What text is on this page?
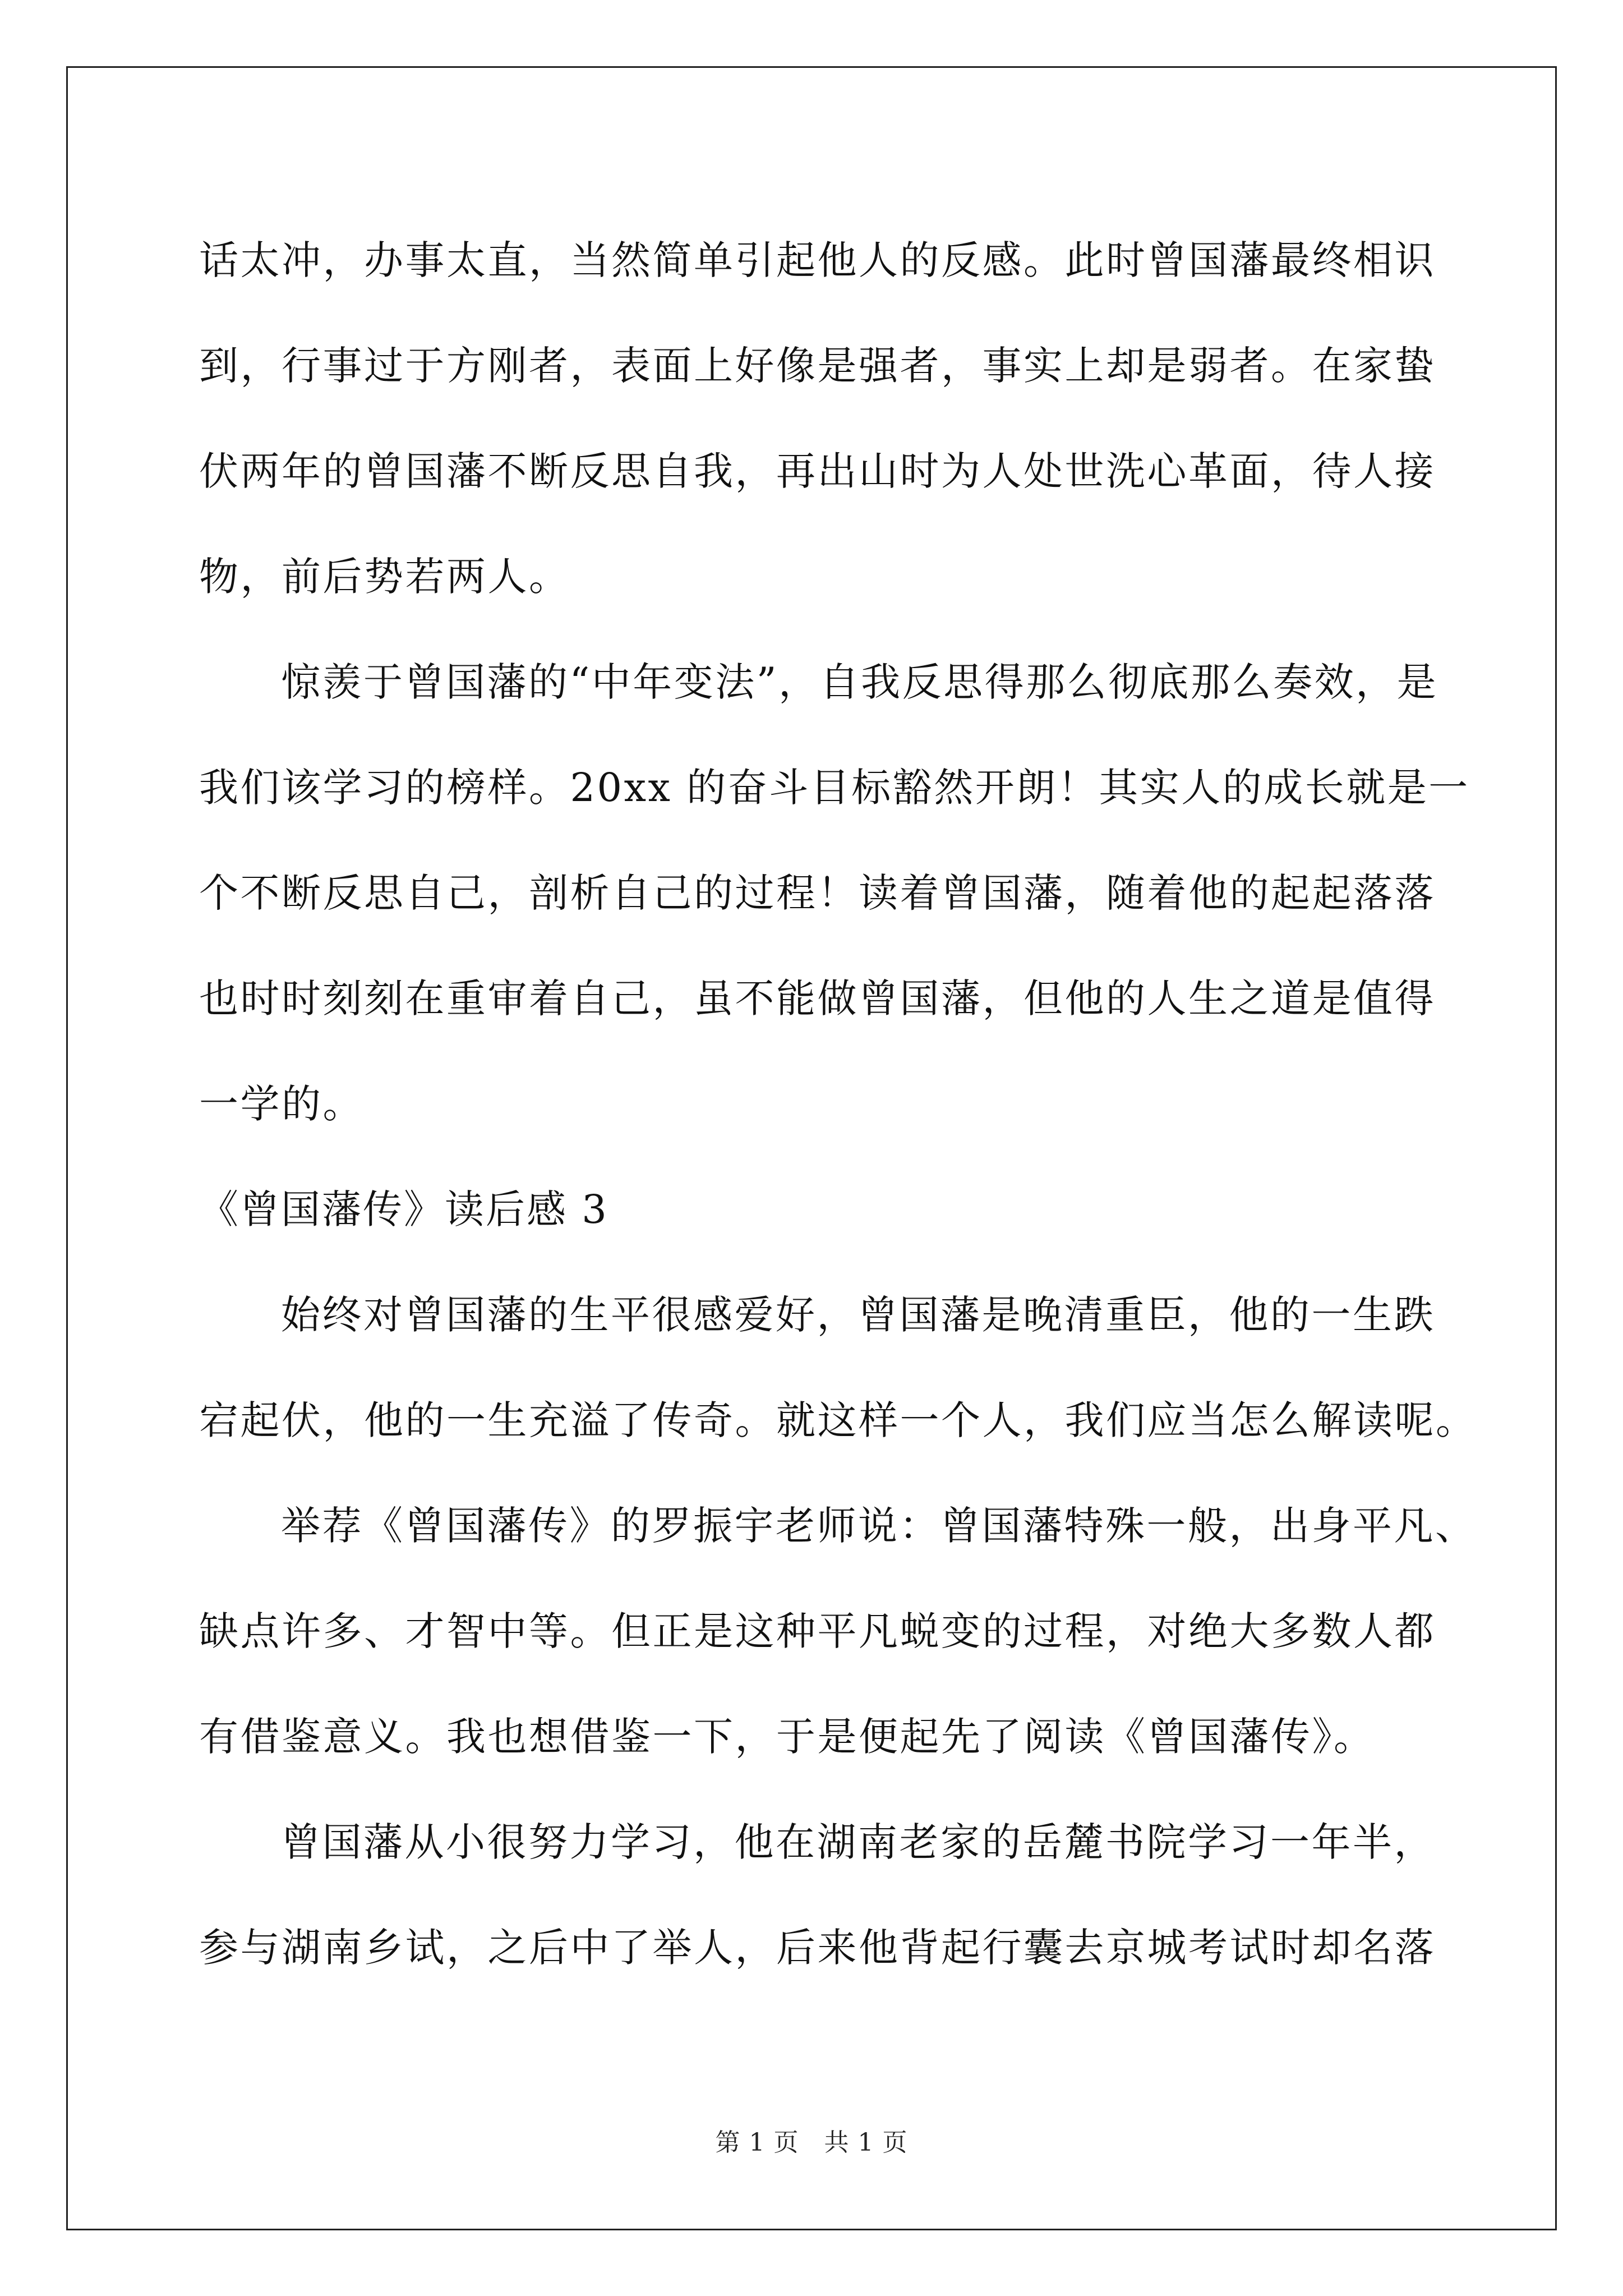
话太冲，办事太直，当然简单引起他人的反感。此时曾国藩最终相识
到，行事过于方刚者，表面上好像是强者，事实上却是弱者。在家蛰
伏两年的曾国藩不断反思自我，再出山时为人处世洗心革面，待人接
物，前后势若两人。
惊羡于曾国藩的“中年变法”，自我反思得那么彻底那么奏效，是
我们该学习的榜样。20xx 的奋斗目标豁然开朗！其实人的成长就是一
个不断反思自己，剖析自己的过程！读着曾国藩，随着他的起起落落
也时时刻刻在重审着自己，虽不能做曾国藩，但他的人生之道是值得
一学的。
《曾国藩传》读后感 3
始终对曾国藩的生平很感爱好，曾国藩是晚清重臣，他的一生跌
宕起伏，他的一生充溢了传奇。就这样一个人，我们应当怎么解读呢。
举荐《曾国藩传》的罗振宇老师说：曾国藩特殊一般，出身平凡、
缺点许多、才智中等。但正是这种平凡蜕变的过程，对绝大多数人都
有借鉴意义。我也想借鉴一下，于是便起先了阅读《曾国藩传》。
曾国藩从小很努力学习，他在湖南老家的岳麓书院学习一年半，
参与湖南乡试，之后中了举人，后来他背起行囊去京城考试时却名落
第 1 页 共 1 页
